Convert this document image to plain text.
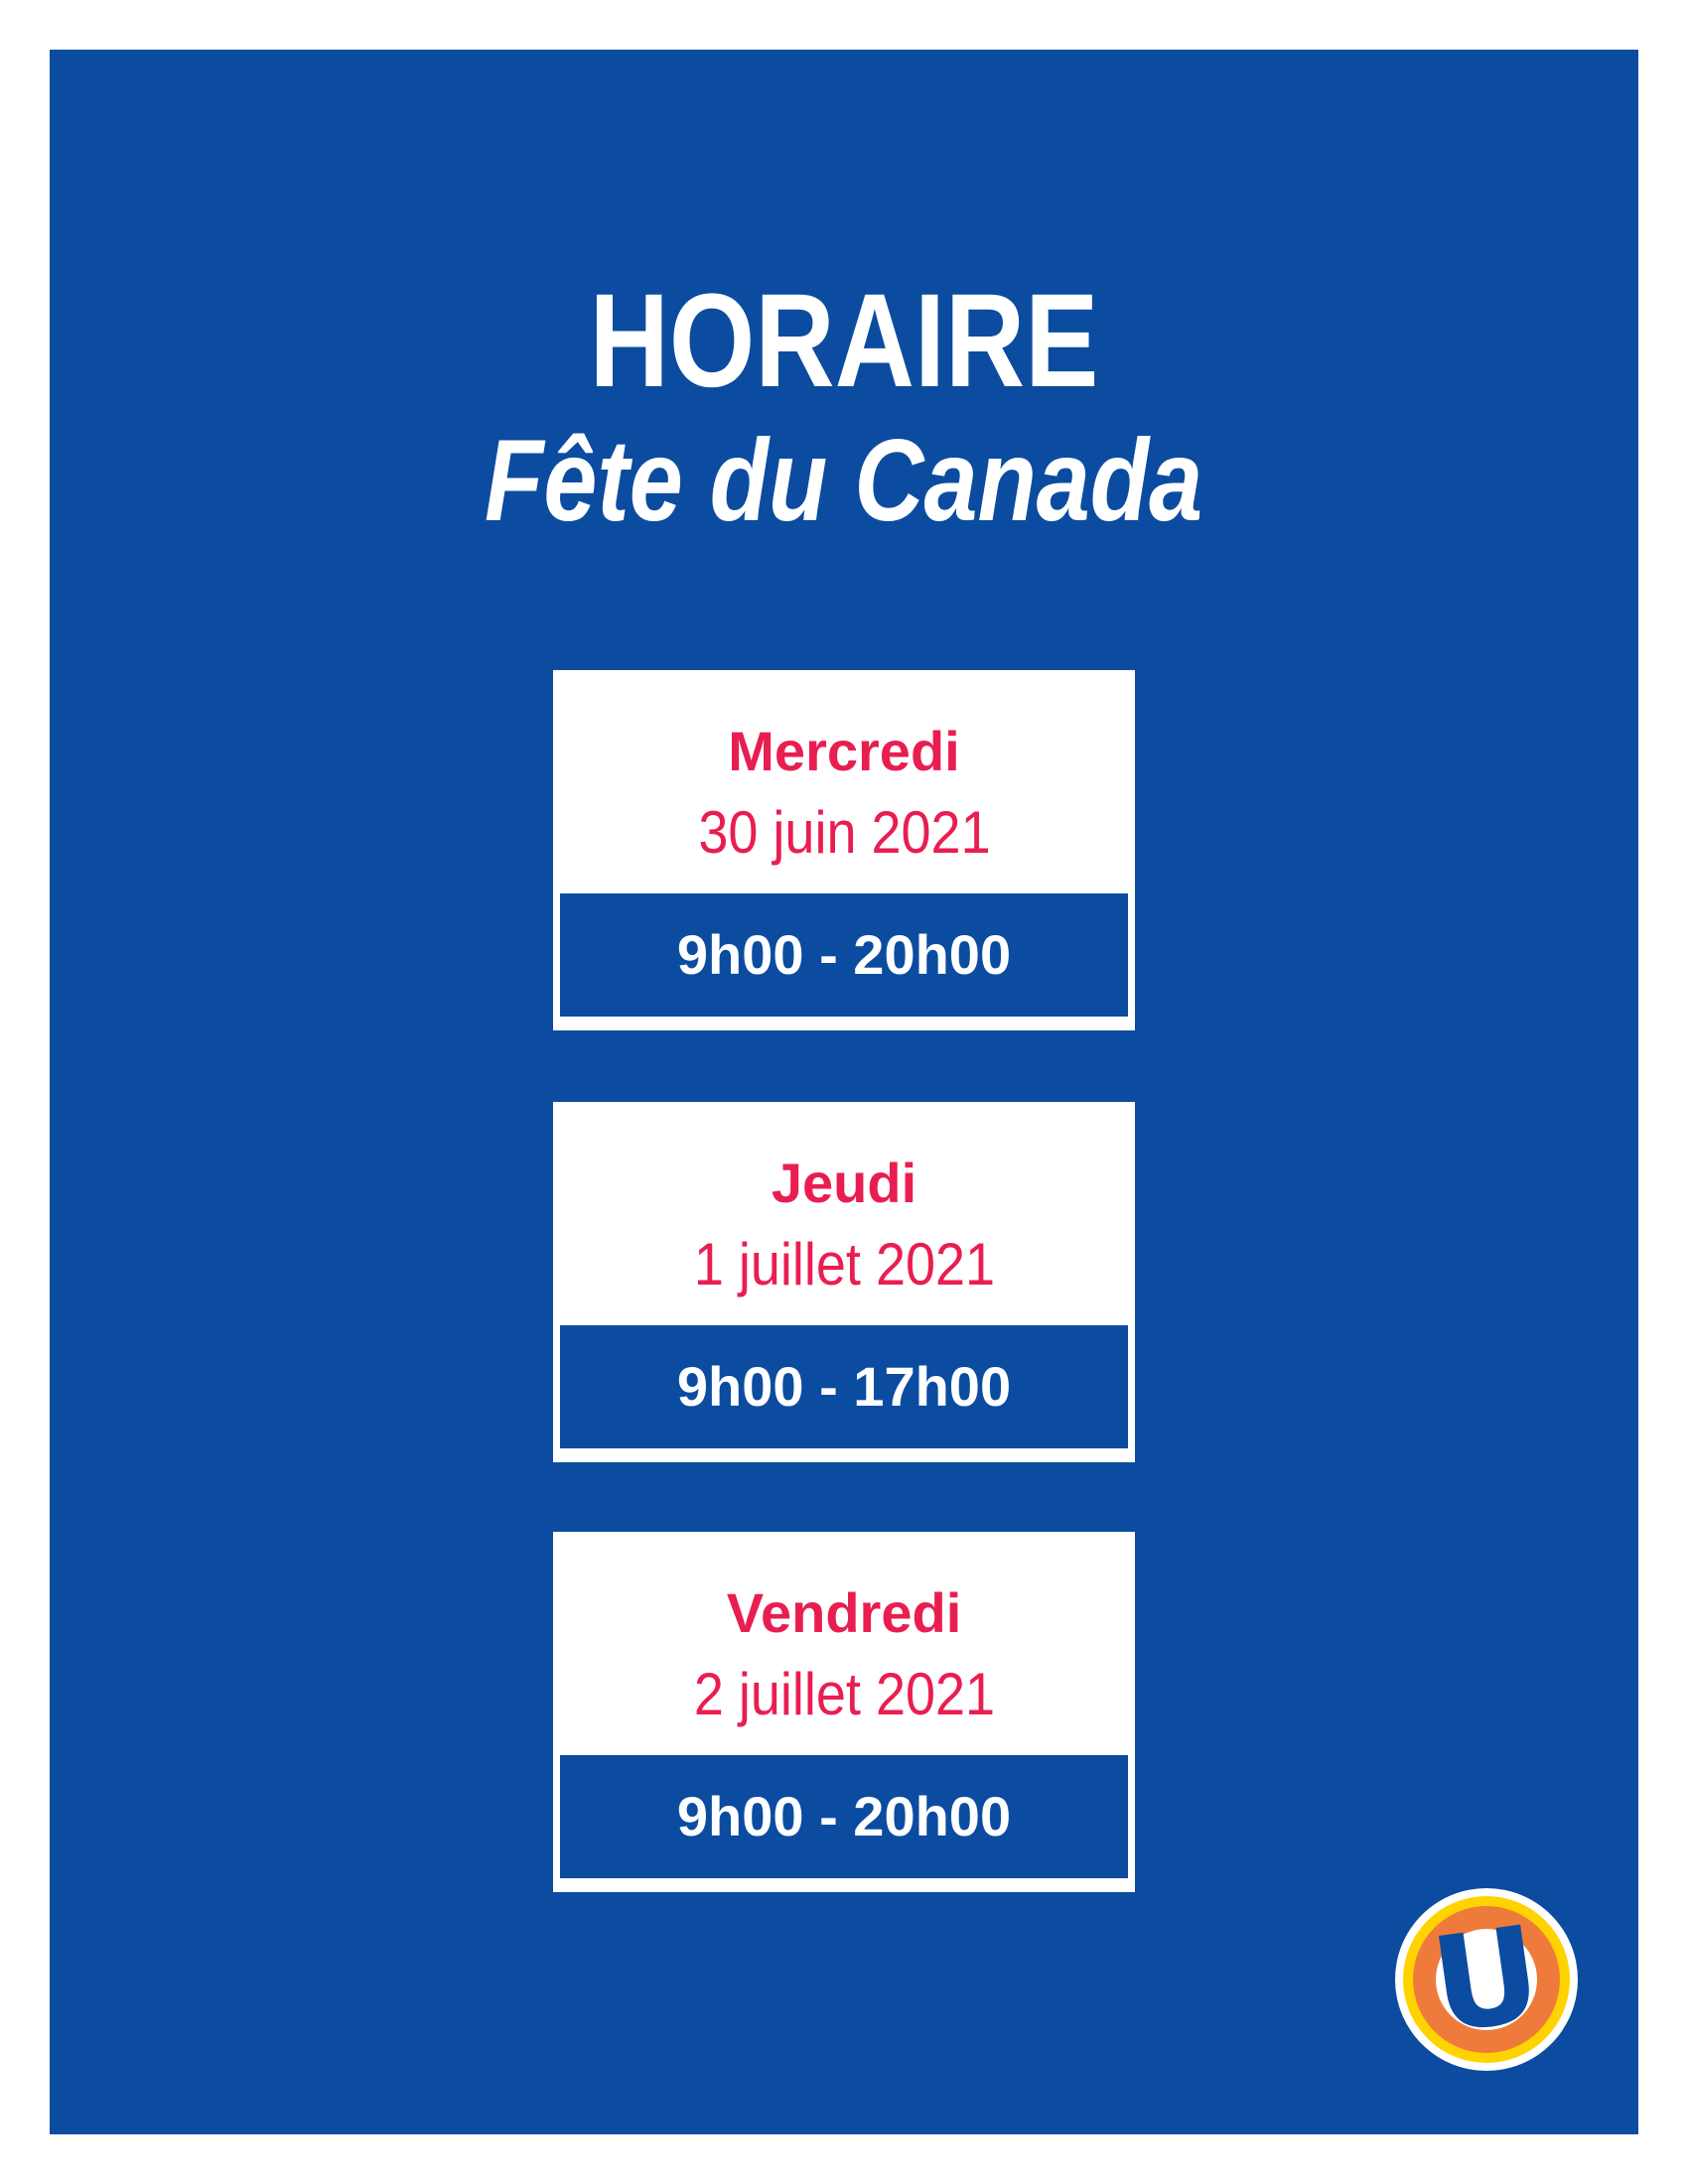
HORAIRE
Fête du Canada
Mercredi
30 juin 2021
9h00 - 20h00
Jeudi
1 juillet 2021
9h00 - 17h00
Vendredi
2 juillet 2021
9h00 - 20h00
U
